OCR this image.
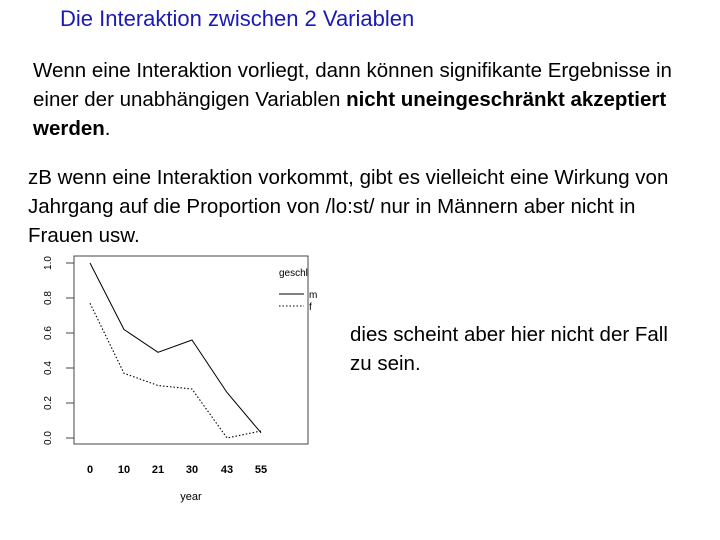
Die Interaktion zwischen 2 Variablen
Wenn eine Interaktion vorliegt, dann können signifikante Ergebnisse in einer der unabhängigen Variablen nicht uneingeschränkt akzeptiert werden.
zB wenn eine Interaktion vorkommt, gibt es vielleicht eine Wirkung von Jahrgang auf die Proportion von /lo:st/ nur in Männern aber nicht in Frauen usw.
0.0
0.2
0.4
0.6
0.8
1.0
0 10 21 30 43 55
geschl
m
f
year
dies scheint aber hier nicht der Fall zu sein.
